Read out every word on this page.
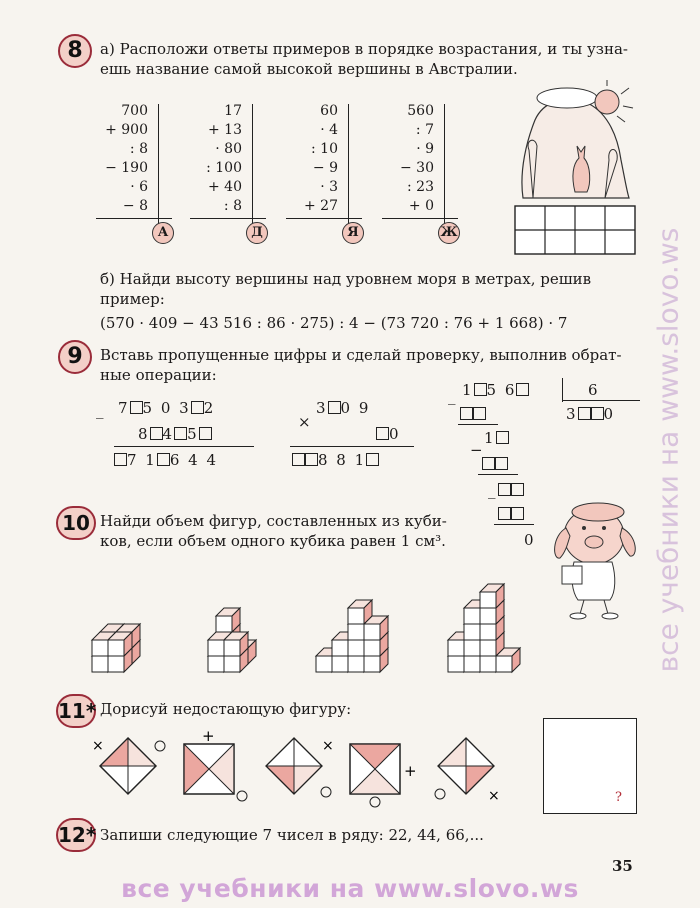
8	а) Расположи ответы примеров в порядке возрастания, и ты узна-
ешь название самой высокой вершины в Австралии.
700
+ 900
: 8
− 190
· 6
− 8
А
17
+ 13
· 80
: 100
+ 40
: 8
Д
60
· 4
: 10
− 9
· 3
+ 27
Я
560
: 7
· 9
− 30
: 23
+ 0
Ж
б) Найди высоту вершины над уровнем моря в метрах, решив
пример:
(570 · 409 − 43 516 : 86 · 275) : 4 − (73 720 : 76 + 1 668) · 7
9	Вставь пропущенные цифры и сделай проверку, выполнив обрат-
ные операции:
_ 7 5 0 3 2
8 4 5
7 1 6 4 4
×
3 0 9
0
8 8 1
_ 1 5 6	6
3 0
1
−
_
0
10 Найди объем фигур, составленных из куби-
ков, если объем одного кубика равен 1 см³.
11* Дорисуй недостающую фигуру:
×
+
×
+
×	?
12* Запиши следующие 7 чисел в ряду: 22, 44, 66,...
35
все учебники на www.slovo.ws
все учебники на www.slovo.ws
